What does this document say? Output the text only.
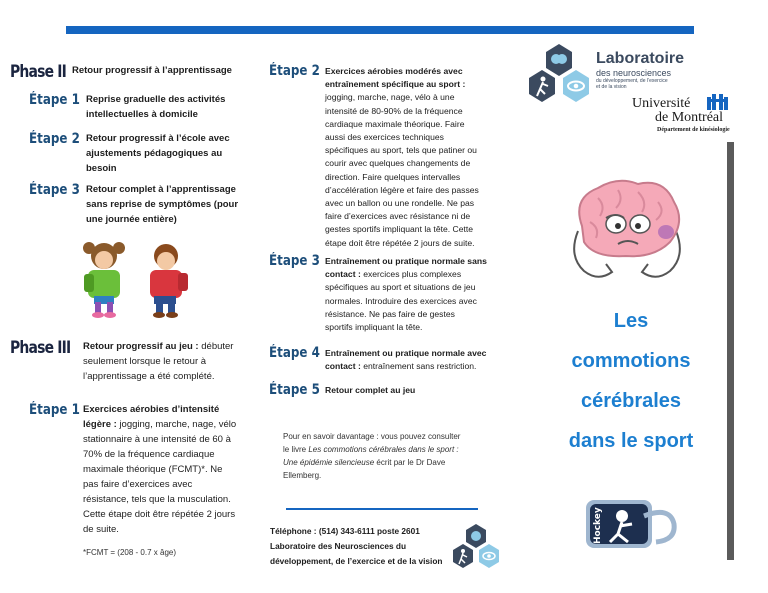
Phase II Retour progressif à l’apprentissage
Étape 1 Reprise graduelle des activités
intellectuelles à domicile
Étape 2 Retour progressif à l’école avec
ajustements pédagogiques au
besoin
Étape 3 Retour complet à l’apprentissage
sans reprise de symptômes (pour
une journée entière)
Phase III Retour progressif au jeu : débuter
seulement lorsque le retour à
l’apprentissage a été complété.
Étape 1 Exercices aérobies d’intensité
légère : jogging, marche, nage, vélo
stationnaire à une intensité de 60 à
70% de la fréquence cardiaque
maximale théorique (FCMT)*. Ne
pas faire d’exercices avec
résistance, tels que la musculation.
Cette étape doit être répétée 2 jours
de suite.
*FCMT = (208 - 0.7 x âge)
Étape 2 Exercices aérobies modérés avec
entraînement spécifique au sport :
jogging, marche, nage, vélo à une
intensité de 80-90% de la fréquence
cardiaque maximale théorique. Faire
aussi des exercices techniques
spécifiques au sport, tels que patiner ou
courir avec quelques changements de
direction. Faire quelques intervalles
d’accélération légère et faire des passes
avec un ballon ou une rondelle. Ne pas
faire d’exercices avec résistance ni de
gestes sportifs impliquant la tête. Cette
étape doit être répétée 2 jours de suite.
Étape 3 Entraînement ou pratique normale sans
contact : exercices plus complexes
spécifiques au sport et situations de jeu
normales. Introduire des exercices avec
résistance. Ne pas faire de gestes
sportifs impliquant la tête.
Étape 4 Entraînement ou pratique normale avec
contact : entraînement sans restriction.
Étape 5 Retour complet au jeu
Pour en savoir davantage : vous pouvez consulter
le livre Les commotions cérébrales dans le sport :
Une épidémie silencieuse écrit par le Dr Dave
Ellemberg.
Téléphone : (514) 343-6111 poste 2601
Laboratoire des Neurosciences du
développement, de l’exercice et de la vision
Laboratoire
des neurosciences
du développement, de l’exercice
et de la vision
Université
de Montréal
Département de kinésiologie
Les
commotions
cérébrales
dans le sport
Hockey
